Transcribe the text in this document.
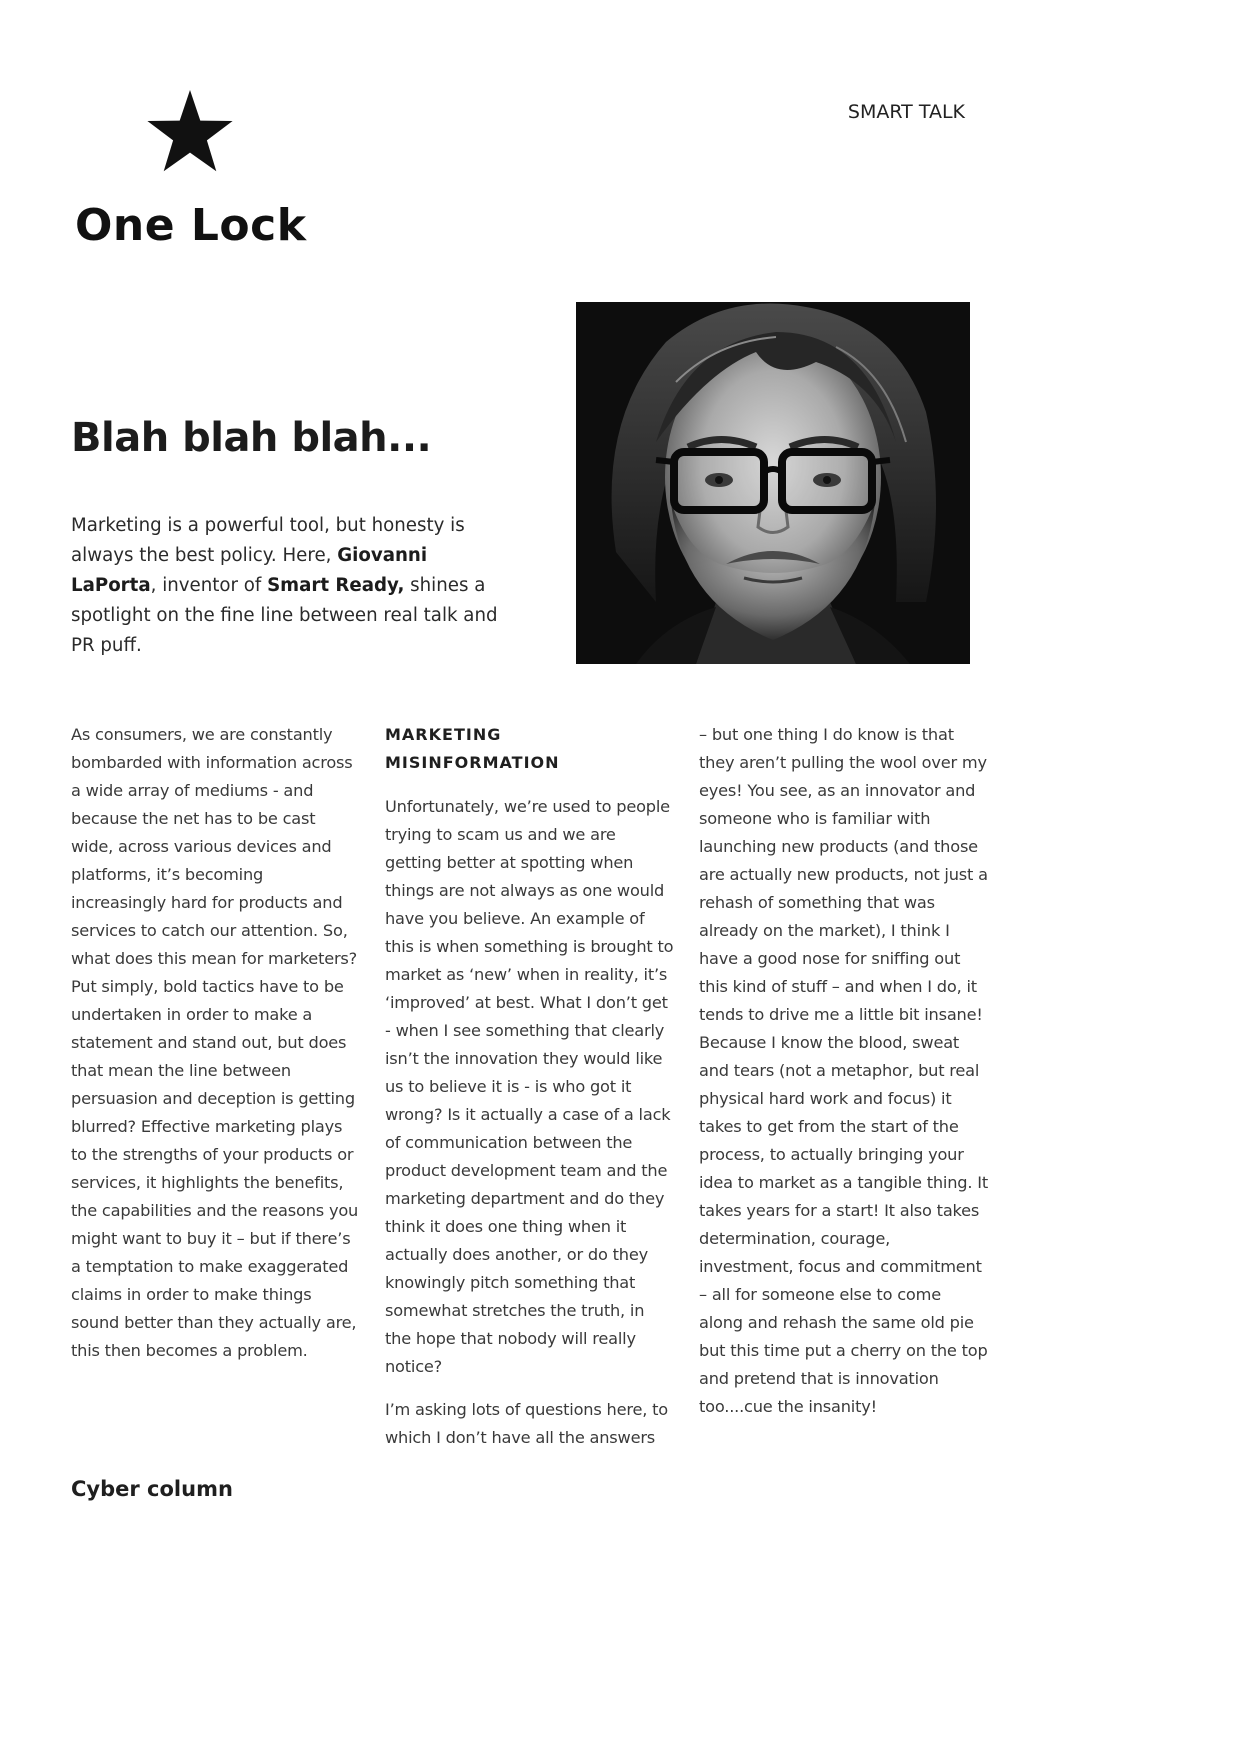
One Lock
SMART TALK
Blah blah blah...

Marketing is a powerful tool, but honesty is always the best policy. Here, Giovanni LaPorta, inventor of Smart Ready, shines a spotlight on the fine line between real talk and PR puff.

As consumers, we are constantly bombarded with information across a wide array of mediums - and because the net has to be cast wide, across various devices and platforms, it’s becoming increasingly hard for products and services to catch our attention. So, what does this mean for marketers? Put simply, bold tactics have to be undertaken in order to make a statement and stand out, but does that mean the line between persuasion and deception is getting blurred? Effective marketing plays to the strengths of your products or services, it highlights the benefits, the capabilities and the reasons you might want to buy it – but if there’s a temptation to make exaggerated claims in order to make things sound better than they actually are, this then becomes a problem.

MARKETING MISINFORMATION

Unfortunately, we’re used to people trying to scam us and we are getting better at spotting when things are not always as one would have you believe. An example of this is when something is brought to market as ‘new’ when in reality, it’s ‘improved’ at best. What I don’t get - when I see something that clearly isn’t the innovation they would like us to believe it is - is who got it wrong? Is it actually a case of a lack of communication between the product development team and the marketing department and do they think it does one thing when it actually does another, or do they knowingly pitch something that somewhat stretches the truth, in the hope that nobody will really notice?

I’m asking lots of questions here, to which I don’t have all the answers

– but one thing I do know is that they aren’t pulling the wool over my eyes! You see, as an innovator and someone who is familiar with launching new products (and those are actually new products, not just a rehash of something that was already on the market), I think I have a good nose for sniffing out this kind of stuff – and when I do, it tends to drive me a little bit insane! Because I know the blood, sweat and tears (not a metaphor, but real physical hard work and focus) it takes to get from the start of the process, to actually bringing your idea to market as a tangible thing. It takes years for a start! It also takes determination, courage, investment, focus and commitment – all for someone else to come along and rehash the same old pie but this time put a cherry on the top and pretend that is innovation too....cue the insanity!

Cyber column
